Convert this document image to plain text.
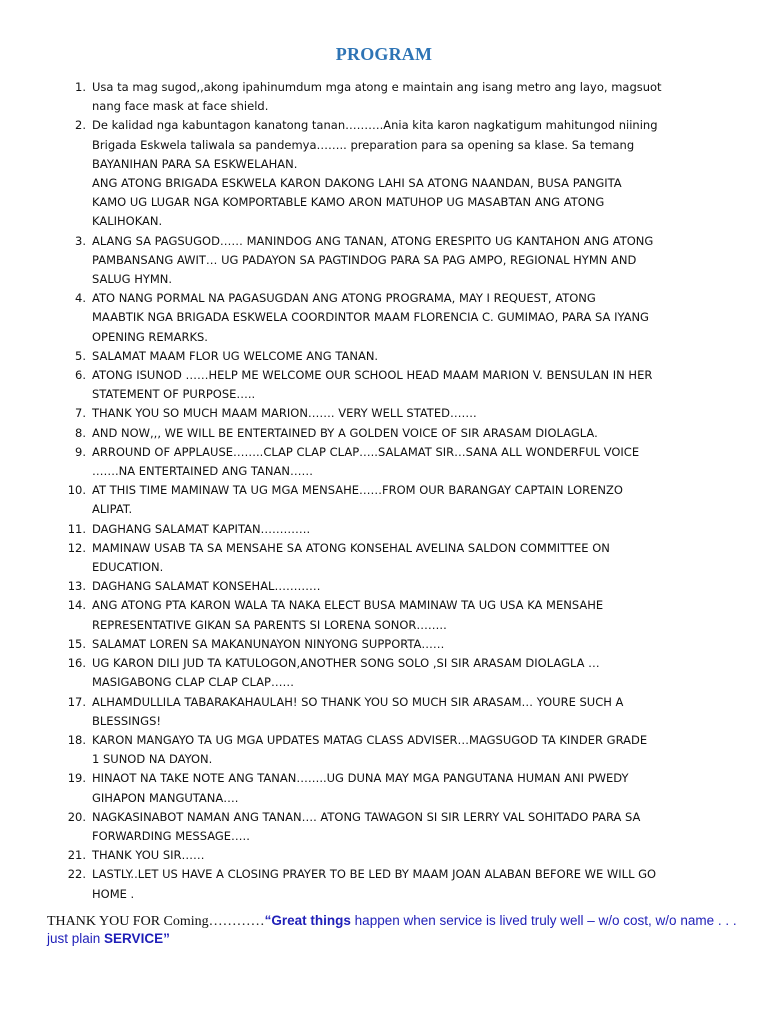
PROGRAM
1. Usa ta mag sugod,,akong ipahinumdum mga atong e maintain ang isang metro ang layo, magsuot
nang face mask at face shield.
2. De kalidad nga kabuntagon kanatong tanan……….Ania kita karon nagkatigum mahitungod niining
Brigada Eskwela taliwala sa pandemya…….. preparation para sa opening sa klase. Sa temang
BAYANIHAN PARA SA ESKWELAHAN.
ANG ATONG BRIGADA ESKWELA KARON DAKONG LAHI SA ATONG NAANDAN, BUSA PANGITA
KAMO UG LUGAR NGA KOMPORTABLE KAMO ARON MATUHOP UG MASABTAN ANG ATONG
KALIHOKAN.
3. ALANG SA PAGSUGOD…… MANINDOG ANG TANAN, ATONG ERESPITO UG KANTAHON ANG ATONG
PAMBANSANG AWIT… UG PADAYON SA PAGTINDOG PARA SA PAG AMPO, REGIONAL HYMN AND
SALUG HYMN.
4. ATO NANG PORMAL NA PAGASUGDAN ANG ATONG PROGRAMA, MAY I REQUEST, ATONG
MAABTIK NGA BRIGADA ESKWELA COORDINTOR MAAM FLORENCIA C. GUMIMAO, PARA SA IYANG
OPENING REMARKS.
5. SALAMAT MAAM FLOR UG WELCOME ANG TANAN.
6. ATONG ISUNOD ……HELP ME WELCOME OUR SCHOOL HEAD MAAM MARION V. BENSULAN IN HER
STATEMENT OF PURPOSE…..
7. THANK YOU SO MUCH MAAM MARION……. VERY WELL STATED…….
8. AND NOW,,, WE WILL BE ENTERTAINED BY A GOLDEN VOICE OF SIR ARASAM DIOLAGLA.
9. ARROUND OF APPLAUSE……..CLAP CLAP CLAP…..SALAMAT SIR…SANA ALL WONDERFUL VOICE
…….NA ENTERTAINED ANG TANAN……
10. AT THIS TIME MAMINAW TA UG MGA MENSAHE……FROM OUR BARANGAY CAPTAIN LORENZO
ALIPAT.
11. DAGHANG SALAMAT KAPITAN………….
12. MAMINAW USAB TA SA MENSAHE SA ATONG KONSEHAL AVELINA SALDON COMMITTEE ON
EDUCATION.
13. DAGHANG SALAMAT KONSEHAL…………
14. ANG ATONG PTA KARON WALA TA NAKA ELECT BUSA MAMINAW TA UG USA KA MENSAHE
REPRESENTATIVE GIKAN SA PARENTS SI LORENA SONOR……..
15. SALAMAT LOREN SA MAKANUNAYON NINYONG SUPPORTA……
16. UG KARON DILI JUD TA KATULOGON,ANOTHER SONG SOLO ,SI SIR ARASAM DIOLAGLA …
MASIGABONG CLAP CLAP CLAP……
17. ALHAMDULLILA TABARAKAHAULAH! SO THANK YOU SO MUCH SIR ARASAM… YOURE SUCH A
BLESSINGS!
18. KARON MANGAYO TA UG MGA UPDATES MATAG CLASS ADVISER…MAGSUGOD TA KINDER GRADE
1 SUNOD NA DAYON.
19. HINAOT NA TAKE NOTE ANG TANAN……..UG DUNA MAY MGA PANGUTANA HUMAN ANI PWEDY
GIHAPON MANGUTANA….
20. NAGKASINABOT NAMAN ANG TANAN…. ATONG TAWAGON SI SIR LERRY VAL SOHITADO PARA SA
FORWARDING MESSAGE…..
21. THANK YOU SIR……
22. LASTLY..LET US HAVE A CLOSING PRAYER TO BE LED BY MAAM JOAN ALABAN BEFORE WE WILL GO
HOME .
THANK YOU FOR Coming…………“Great things happen when service is lived truly well – w/o cost, w/o name . . . just plain SERVICE”
